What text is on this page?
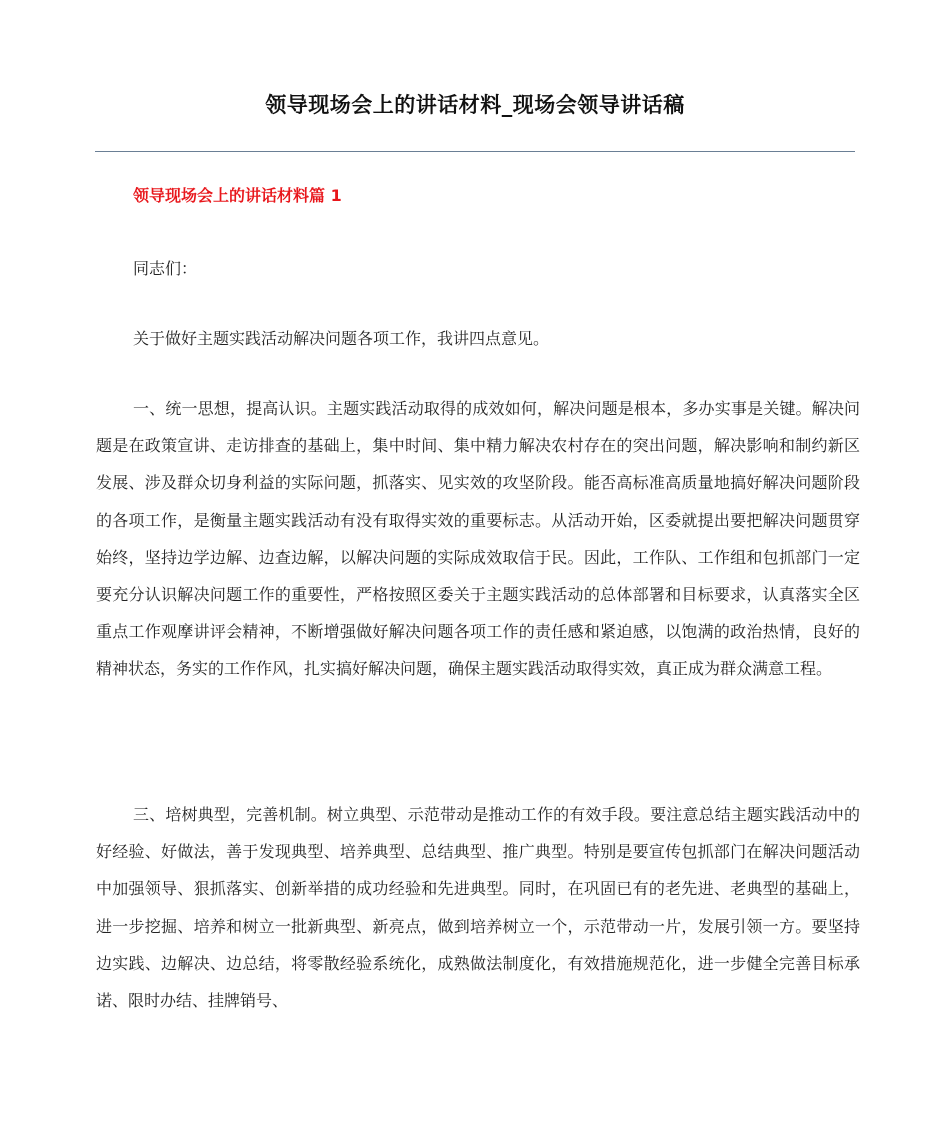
领导现场会上的讲话材料_现场会领导讲话稿
领导现场会上的讲话材料篇 1

同志们：

关于做好主题实践活动解决问题各项工作，我讲四点意见。

一、统一思想，提高认识。主题实践活动取得的成效如何，解决问题是根本，多办实事是关键。解决问题是在政策宣讲、走访排查的基础上，集中时间、集中精力解决农村存在的突出问题，解决影响和制约新区发展、涉及群众切身利益的实际问题，抓落实、见实效的攻坚阶段。能否高标准高质量地搞好解决问题阶段的各项工作，是衡量主题实践活动有没有取得实效的重要标志。从活动开始，区委就提出要把解决问题贯穿始终，坚持边学边解、边查边解，以解决问题的实际成效取信于民。因此，工作队、工作组和包抓部门一定要充分认识解决问题工作的重要性，严格按照区委关于主题实践活动的总体部署和目标要求，认真落实全区重点工作观摩讲评会精神，不断增强做好解决问题各项工作的责任感和紧迫感，以饱满的政治热情，良好的精神状态，务实的工作作风，扎实搞好解决问题，确保主题实践活动取得实效，真正成为群众满意工程。

三、培树典型，完善机制。树立典型、示范带动是推动工作的有效手段。要注意总结主题实践活动中的好经验、好做法，善于发现典型、培养典型、总结典型、推广典型。特别是要宣传包抓部门在解决问题活动中加强领导、狠抓落实、创新举措的成功经验和先进典型。同时，在巩固已有的老先进、老典型的基础上，进一步挖掘、培养和树立一批新典型、新亮点，做到培养树立一个，示范带动一片，发展引领一方。要坚持边实践、边解决、边总结，将零散经验系统化，成熟做法制度化，有效措施规范化，进一步健全完善目标承诺、限时办结、挂牌销号、
